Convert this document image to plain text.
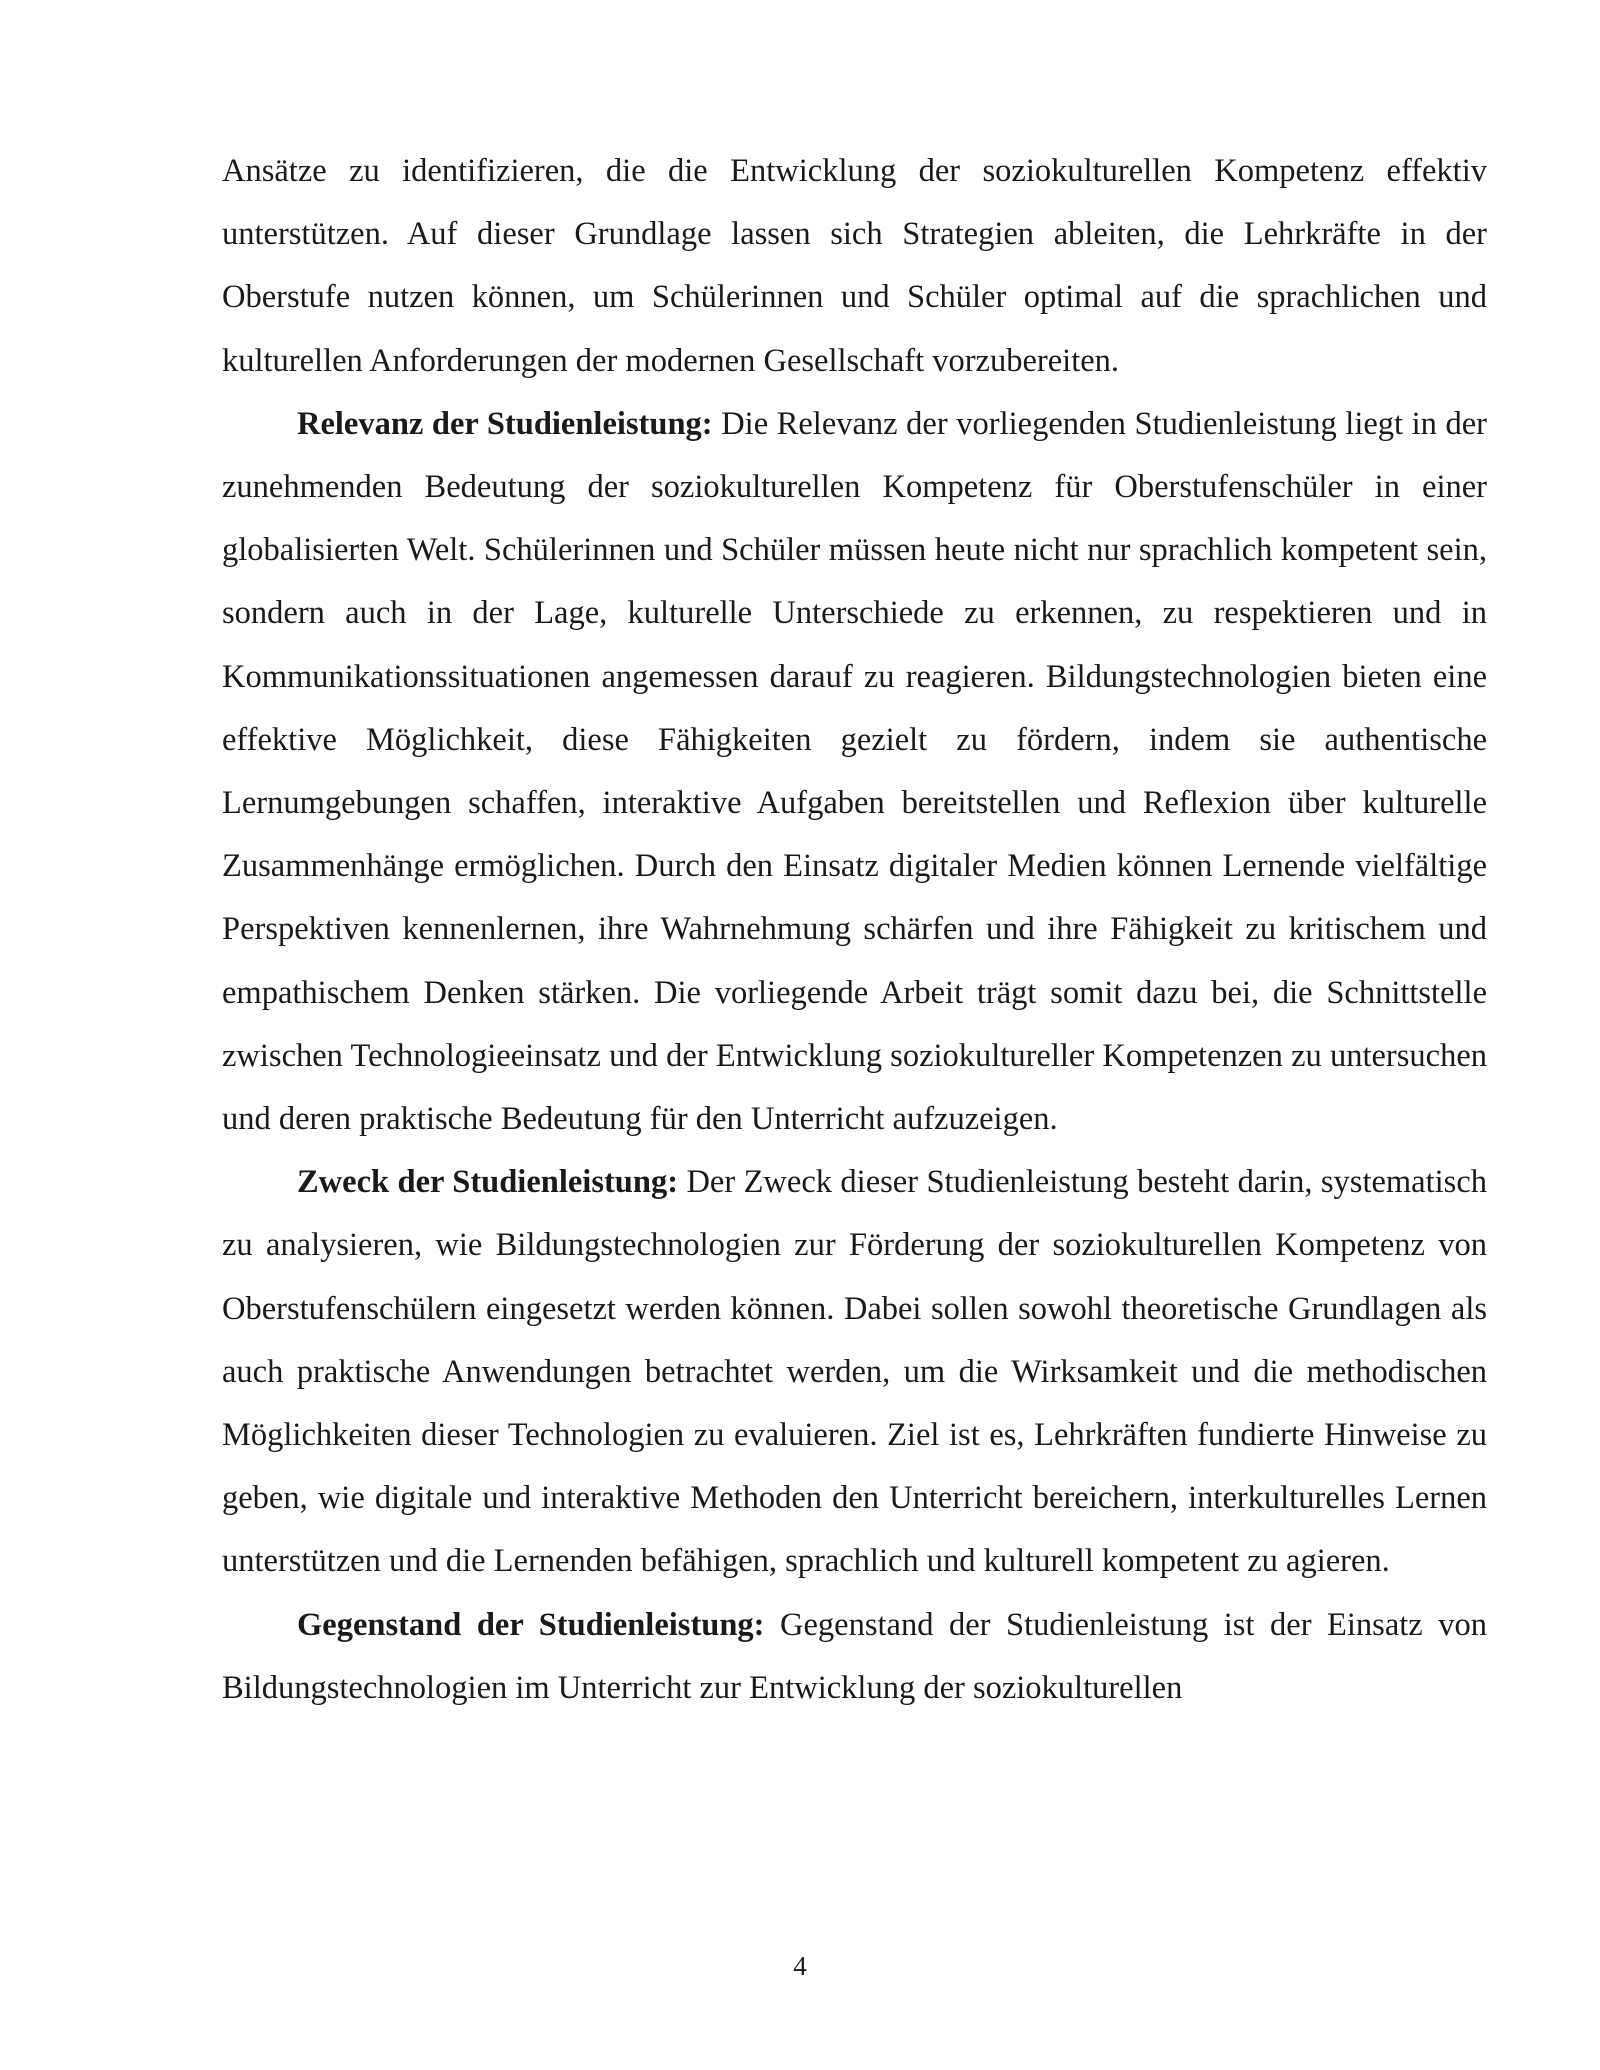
Ansätze zu identifizieren, die die Entwicklung der soziokulturellen Kompetenz effektiv unterstützen. Auf dieser Grundlage lassen sich Strategien ableiten, die Lehrkräfte in der Oberstufe nutzen können, um Schülerinnen und Schüler optimal auf die sprachlichen und kulturellen Anforderungen der modernen Gesellschaft vorzubereiten.

Relevanz der Studienleistung: Die Relevanz der vorliegenden Studienleistung liegt in der zunehmenden Bedeutung der soziokulturellen Kompetenz für Oberstufenschüler in einer globalisierten Welt. Schülerinnen und Schüler müssen heute nicht nur sprachlich kompetent sein, sondern auch in der Lage, kulturelle Unterschiede zu erkennen, zu respektieren und in Kommunikationssituationen angemessen darauf zu reagieren. Bildungstechnologien bieten eine effektive Möglichkeit, diese Fähigkeiten gezielt zu fördern, indem sie authentische Lernumgebungen schaffen, interaktive Aufgaben bereitstellen und Reflexion über kulturelle Zusammenhänge ermöglichen. Durch den Einsatz digitaler Medien können Lernende vielfältige Perspektiven kennenlernen, ihre Wahrnehmung schärfen und ihre Fähigkeit zu kritischem und empathischem Denken stärken. Die vorliegende Arbeit trägt somit dazu bei, die Schnittstelle zwischen Technologieeinsatz und der Entwicklung soziokultureller Kompetenzen zu untersuchen und deren praktische Bedeutung für den Unterricht aufzuzeigen.

Zweck der Studienleistung: Der Zweck dieser Studienleistung besteht darin, systematisch zu analysieren, wie Bildungstechnologien zur Förderung der soziokulturellen Kompetenz von Oberstufenschülern eingesetzt werden können. Dabei sollen sowohl theoretische Grundlagen als auch praktische Anwendungen betrachtet werden, um die Wirksamkeit und die methodischen Möglichkeiten dieser Technologien zu evaluieren. Ziel ist es, Lehrkräften fundierte Hinweise zu geben, wie digitale und interaktive Methoden den Unterricht bereichern, interkulturelles Lernen unterstützen und die Lernenden befähigen, sprachlich und kulturell kompetent zu agieren.

Gegenstand der Studienleistung: Gegenstand der Studienleistung ist der Einsatz von Bildungstechnologien im Unterricht zur Entwicklung der soziokulturellen

4
